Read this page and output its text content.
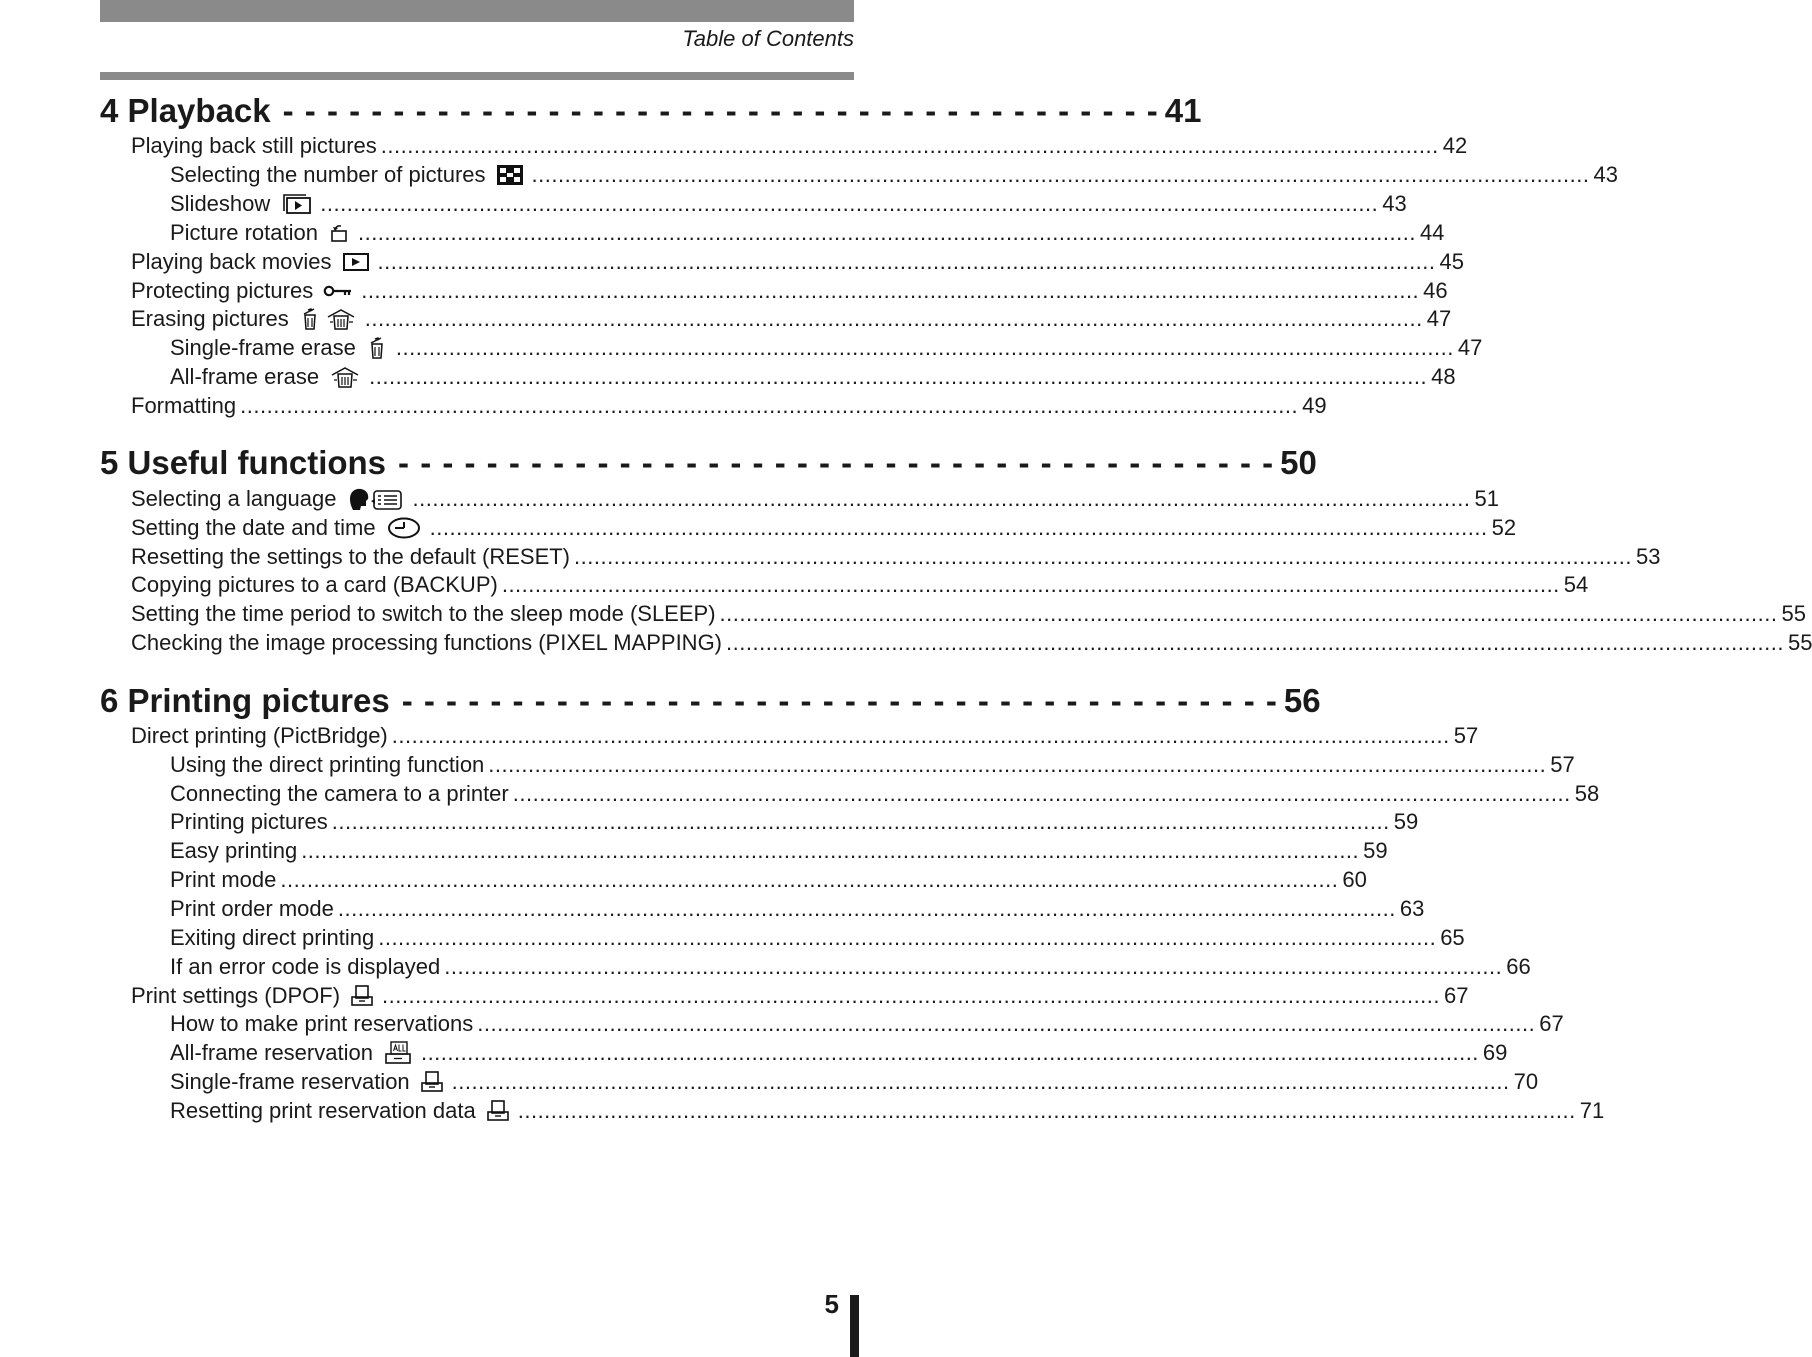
Table of Contents
4 Playback - - - - - - - - - - - - - - - - - - - - - - - - - - - - - - - - - - - - - - - - 41
Playing back still pictures ................................................................................................................................................................ 42
Selecting the number of pictures ................................................................................................................................................................ 43
Slideshow ................................................................................................................................................................ 43
Picture rotation ................................................................................................................................................................ 44
Playing back movies ................................................................................................................................................................ 45
Protecting pictures ................................................................................................................................................................ 46
Erasing pictures	................................................................................................................................................................ 47
Single-frame erase ................................................................................................................................................................ 47
All-frame erase ................................................................................................................................................................ 48
Formatting ................................................................................................................................................................ 49
5 Useful functions - - - - - - - - - - - - - - - - - - - - - - - - - - - - - - - - - - - - - - - - 50
Selecting a language	................................................................................................................................................................ 51
Setting the date and time ................................................................................................................................................................ 52
Resetting the settings to the default (RESET) ................................................................................................................................................................ 53
Copying pictures to a card (BACKUP) ................................................................................................................................................................ 54
Setting the time period to switch to the sleep mode (SLEEP) ................................................................................................................................................................ 55
Checking the image processing functions (PIXEL MAPPING) ................................................................................................................................................................ 55
6 Printing pictures - - - - - - - - - - - - - - - - - - - - - - - - - - - - - - - - - - - - - - - - 56
Direct printing (PictBridge) ................................................................................................................................................................ 57
Using the direct printing function ................................................................................................................................................................ 57
Connecting the camera to a printer ................................................................................................................................................................ 58
Printing pictures ................................................................................................................................................................ 59
Easy printing ................................................................................................................................................................ 59
Print mode ................................................................................................................................................................ 60
Print order mode ................................................................................................................................................................ 63
Exiting direct printing ................................................................................................................................................................ 65
If an error code is displayed ................................................................................................................................................................ 66
Print settings (DPOF) ................................................................................................................................................................ 67
How to make print reservations ................................................................................................................................................................ 67
All-frame reservation ................................................................................................................................................................ 69
Single-frame reservation ................................................................................................................................................................ 70
Resetting print reservation data ................................................................................................................................................................ 71
5
